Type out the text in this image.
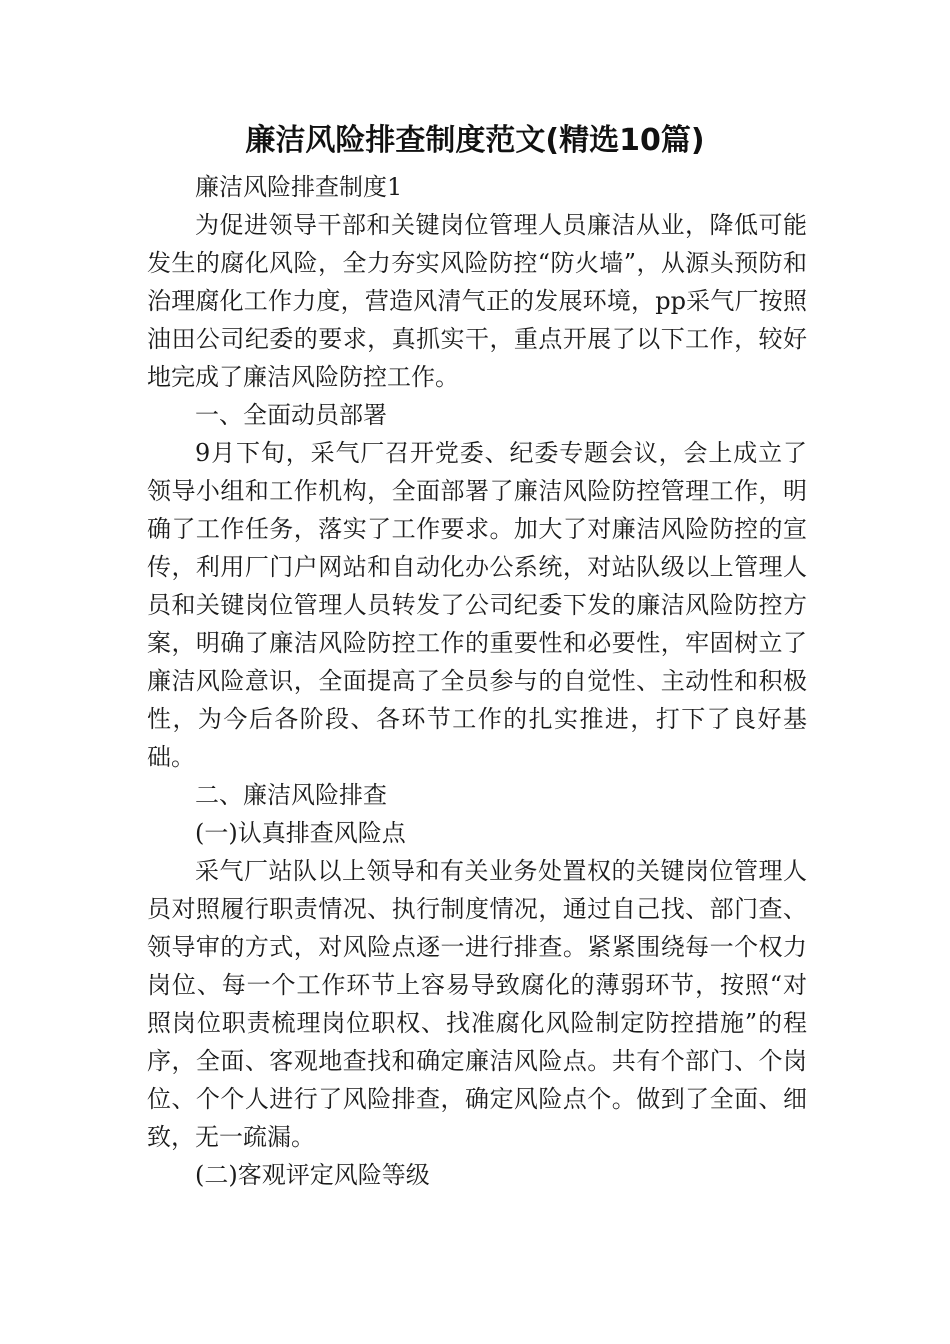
廉洁风险排查制度范文(精选10篇)

廉洁风险排查制度1

为促进领导干部和关键岗位管理人员廉洁从业，降低可能发生的腐化风险，全力夯实风险防控“防火墙”，从源头预防和治理腐化工作力度，营造风清气正的发展环境，pp采气厂按照油田公司纪委的要求，真抓实干，重点开展了以下工作，较好地完成了廉洁风险防控工作。

一、全面动员部署

9月下旬，采气厂召开党委、纪委专题会议，会上成立了领导小组和工作机构，全面部署了廉洁风险防控管理工作，明确了工作任务，落实了工作要求。加大了对廉洁风险防控的宣传，利用厂门户网站和自动化办公系统，对站队级以上管理人员和关键岗位管理人员转发了公司纪委下发的廉洁风险防控方案，明确了廉洁风险防控工作的重要性和必要性，牢固树立了廉洁风险意识，全面提高了全员参与的自觉性、主动性和积极性，为今后各阶段、各环节工作的扎实推进，打下了良好基础。

二、廉洁风险排查

(一)认真排查风险点

采气厂站队以上领导和有关业务处置权的关键岗位管理人员对照履行职责情况、执行制度情况，通过自己找、部门查、领导审的方式，对风险点逐一进行排查。紧紧围绕每一个权力岗位、每一个工作环节上容易导致腐化的薄弱环节，按照“对照岗位职责梳理岗位职权、找准腐化风险制定防控措施”的程序，全面、客观地查找和确定廉洁风险点。共有个部门、个岗位、个个人进行了风险排查，确定风险点个。做到了全面、细致，无一疏漏。

(二)客观评定风险等级
